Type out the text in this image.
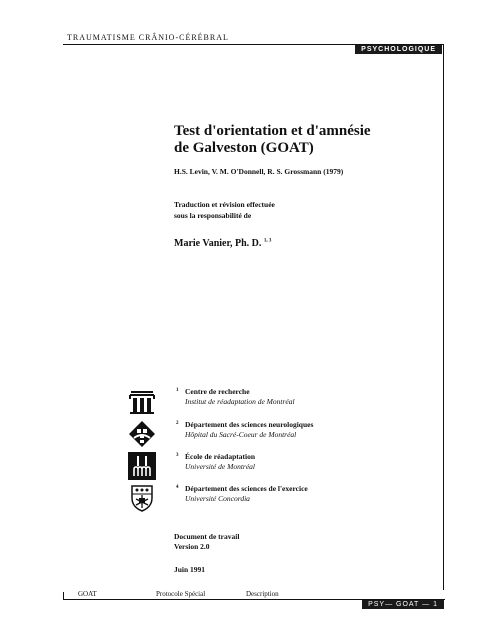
TRAUMATISME CRÂNIO-CÉRÉBRAL
PSYCHOLOGIQUE
Test d'orientation et d'amnésie
de Galveston (GOAT)
H.S. Levin, V. M. O'Donnell, R. S. Grossmann (1979)
Traduction et révision effectuée
sous la responsabilité de
Marie Vanier, Ph. D. $^{1, 3}$
1 Centre de recherche
Institut de réadaptation de Montréal
2 Département des sciences neurologiques
Hôpital du Sacré-Coeur de Montréal
3 École de réadaptation
Université de Montréal
4 Département des sciences de l'exercice
Université Concordia
Document de travail
Version 2.0
Juin 1991
GOAT	Protocole Spécial	Description
PSY— GOAT — 1
